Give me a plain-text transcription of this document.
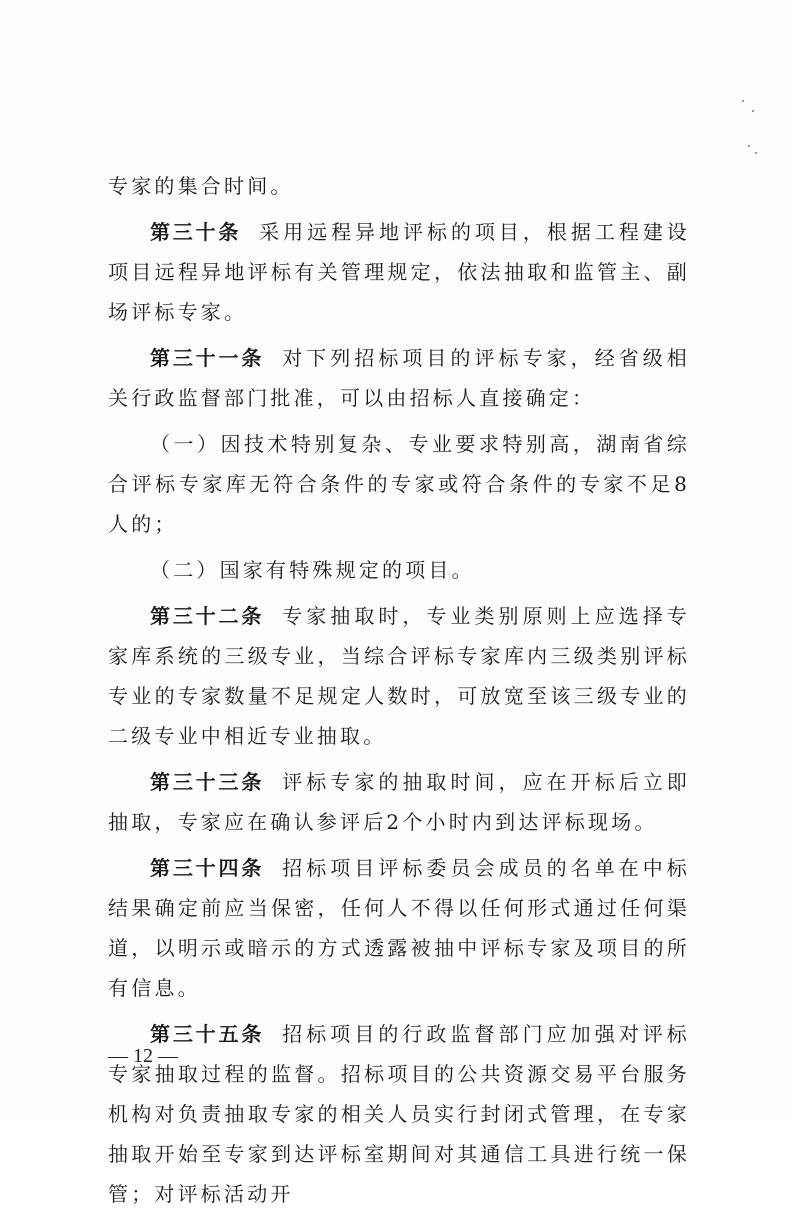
专家的集合时间。

第三十条 采用远程异地评标的项目，根据工程建设项目远程异地评标有关管理规定，依法抽取和监管主、副场评标专家。

第三十一条 对下列招标项目的评标专家，经省级相关行政监督部门批准，可以由招标人直接确定：

（一）因技术特别复杂、专业要求特别高，湖南省综合评标专家库无符合条件的专家或符合条件的专家不足8人的；

（二）国家有特殊规定的项目。

第三十二条 专家抽取时，专业类别原则上应选择专家库系统的三级专业，当综合评标专家库内三级类别评标专业的专家数量不足规定人数时，可放宽至该三级专业的二级专业中相近专业抽取。

第三十三条 评标专家的抽取时间，应在开标后立即抽取，专家应在确认参评后2个小时内到达评标现场。

第三十四条 招标项目评标委员会成员的名单在中标结果确定前应当保密，任何人不得以任何形式通过任何渠道，以明示或暗示的方式透露被抽中评标专家及项目的所有信息。

第三十五条 招标项目的行政监督部门应加强对评标专家抽取过程的监督。招标项目的公共资源交易平台服务机构对负责抽取专家的相关人员实行封闭式管理，在专家抽取开始至专家到达评标室期间对其通信工具进行统一保管；对评标活动开

— 12 —
